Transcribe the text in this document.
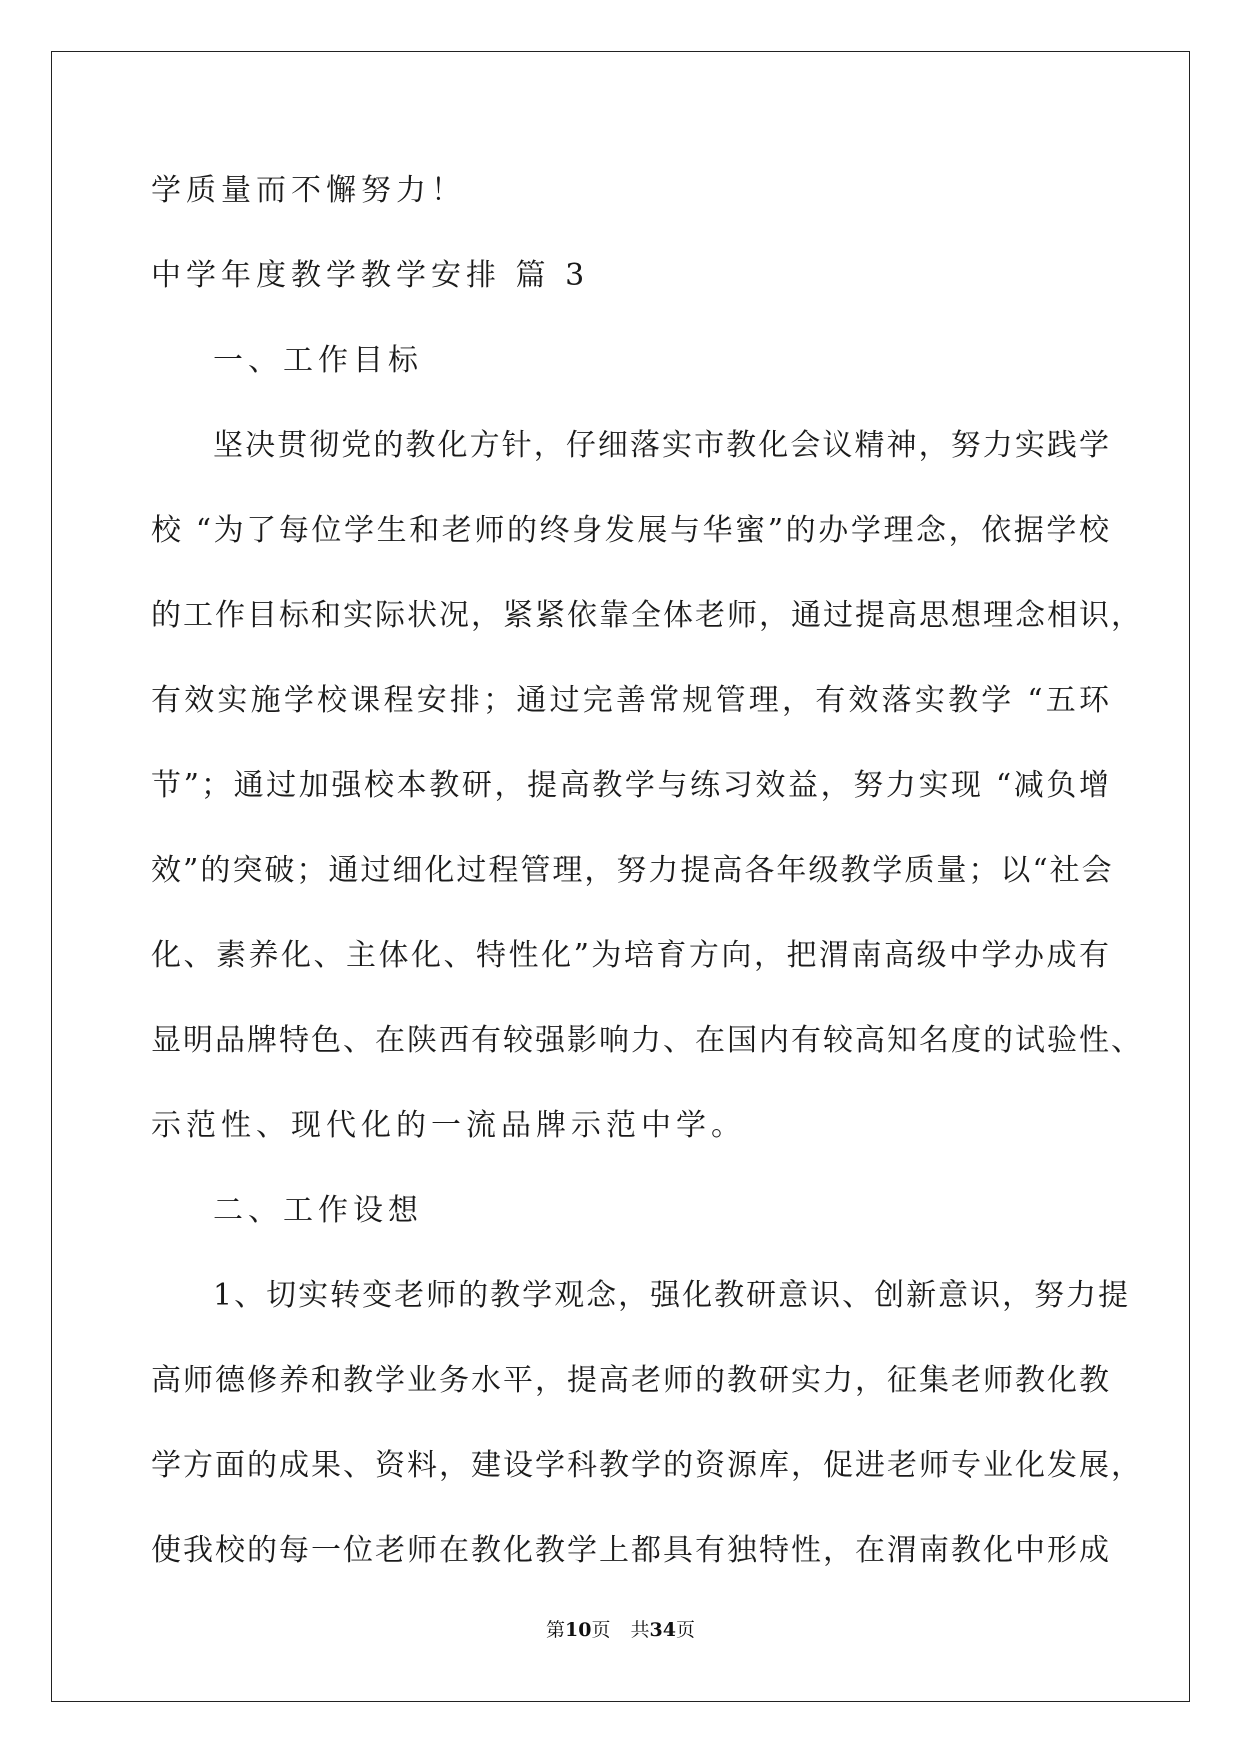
学质量而不懈努力！
中学年度教学教学安排 篇 3
一、工作目标
坚决贯彻党的教化方针，仔细落实市教化会议精神，努力实践学
校 “为了每位学生和老师的终身发展与华蜜”的办学理念，依据学校
的工作目标和实际状况，紧紧依靠全体老师，通过提高思想理念相识，
有效实施学校课程安排；通过完善常规管理，有效落实教学 “五环
节”；通过加强校本教研，提高教学与练习效益，努力实现 “减负增
效”的突破；通过细化过程管理，努力提高各年级教学质量；以“社会
化、素养化、主体化、特性化”为培育方向，把渭南高级中学办成有
显明品牌特色、在陕西有较强影响力、在国内有较高知名度的试验性、
示范性、现代化的一流品牌示范中学。
二、工作设想
1、切实转变老师的教学观念，强化教研意识、创新意识，努力提
高师德修养和教学业务水平，提高老师的教研实力，征集老师教化教
学方面的成果、资料，建设学科教学的资源库，促进老师专业化发展，
使我校的每一位老师在教化教学上都具有独特性，在渭南教化中形成
第10页 共34页
